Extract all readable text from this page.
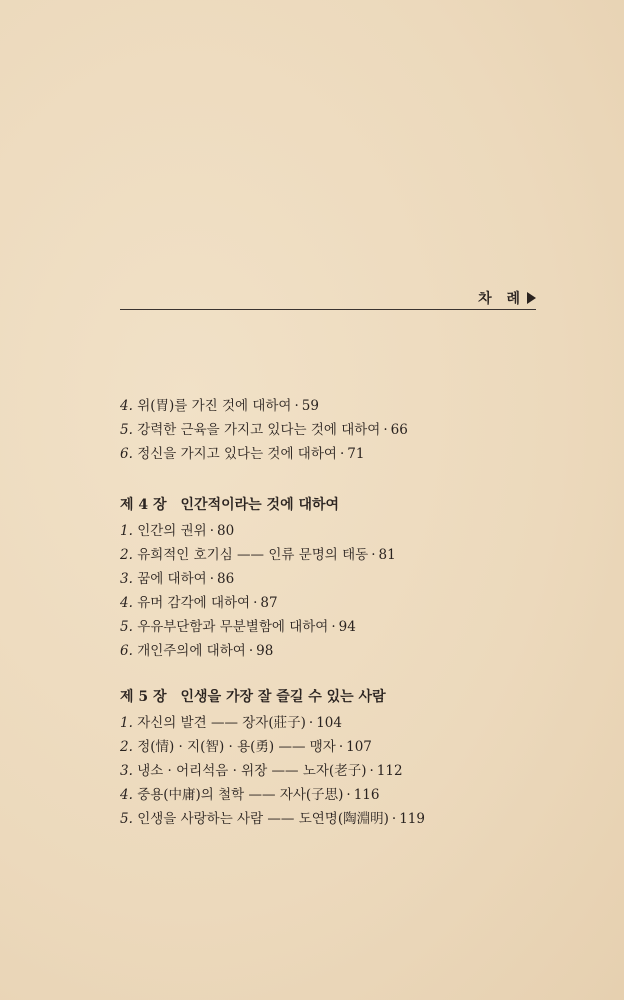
차 례
4. 위(胃)를 가진 것에 대하여 · 59
5. 강력한 근육을 가지고 있다는 것에 대하여 · 66
6. 정신을 가지고 있다는 것에 대하여 · 71
제 4 장　인간적이라는 것에 대하여
1. 인간의 권위 · 80
2. 유희적인 호기심 —— 인류 문명의 태동 · 81
3. 꿈에 대하여 · 86
4. 유머 감각에 대하여 · 87
5. 우유부단함과 무분별함에 대하여 · 94
6. 개인주의에 대하여 · 98
제 5 장　인생을 가장 잘 즐길 수 있는 사람
1. 자신의 발견 —— 장자(莊子) · 104
2. 정(情) · 지(智) · 용(勇) —— 맹자 · 107
3. 냉소 · 어리석음 · 위장 —— 노자(老子) · 112
4. 중용(中庸)의 철학 —— 자사(子思) · 116
5. 인생을 사랑하는 사람 —— 도연명(陶淵明) · 119
